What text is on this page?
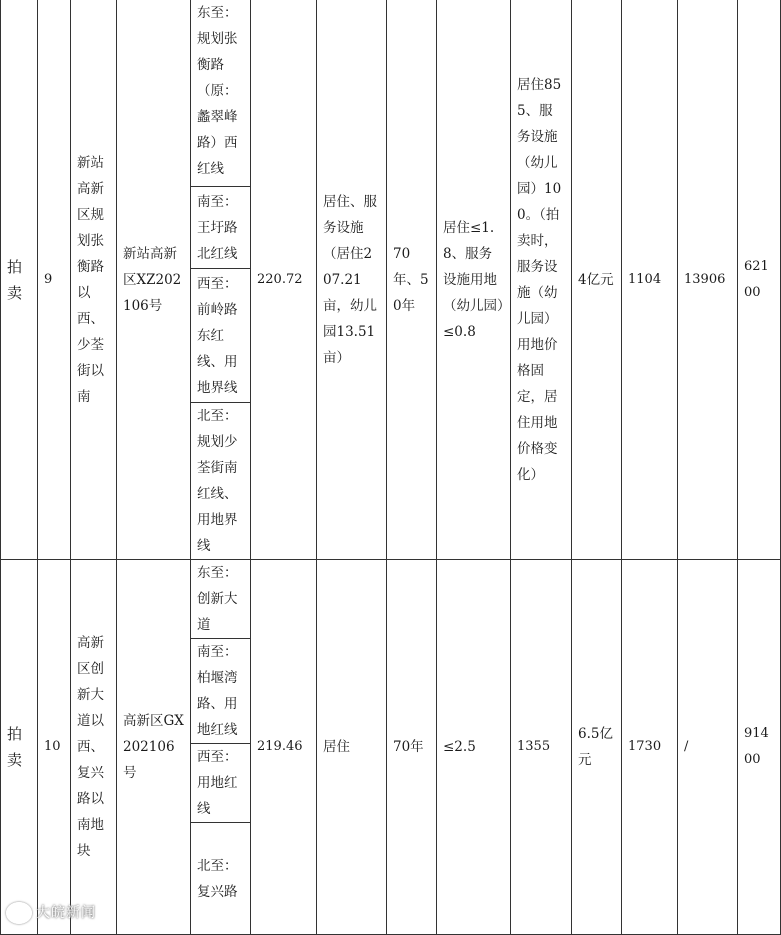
拍卖	9	新站高新区规划张衡路以西、少荃街以南	新站高新区XZ202106号	东至：规划张衡路（原：蠡翠峰路）西红线	220.72	居住、服务设施（居住207.21亩，幼儿园13.51亩）	70年、50年	居住≤1.8、服务设施用地（幼儿园）≤0.8	居住855、服务设施（幼儿园）100。（拍卖时，服务设施（幼儿园）用地价格固定，居住用地价格变化）	4亿元	1104	13906	62100
				南至：王圩路北红线									
				西至：前岭路东红线、用地界线									
				北至：规划少荃街南红线、用地界线									
拍卖	10	高新区创新大道以西、复兴路以南地块	高新区GX202106号	东至：创新大道	219.46	居住	70年	≤2.5	1355	6.5亿元	1730	/	91400
				南至：柏堰湾路、用地红线									
				西至：用地红线									
				北至：复兴路									
大皖新闻
